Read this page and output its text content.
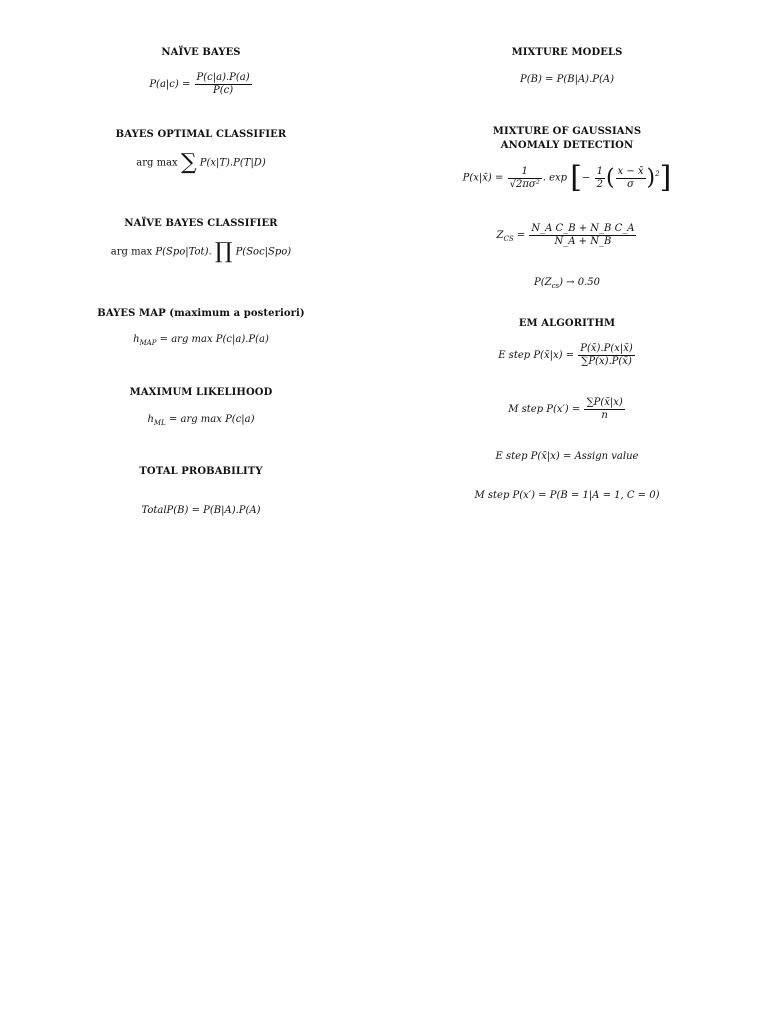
NAÏVE BAYES
$P(a|c) = \frac{P(c|a).P(a)}{P(c)}$
BAYES OPTIMAL CLASSIFIER
arg max ∑ P(x|T).P(T|D)
NAÏVE BAYES CLASSIFIER
arg max P(Spo|Tot). ∏ P(Soc|Spo)
BAYES MAP (maximum a posteriori)
$h_{MAP}$ = arg max P(c|a).P(a)
MAXIMUM LIKELIHOOD
$h_{ML}$ = arg max P(c|a)
TOTAL PROBABILITY
TotalP(B) = P(B|A).P(A)
MIXTURE MODELS
P(B) = P(B|A).P(A)
MIXTURE OF GAUSSIANS
ANOMALY DETECTION
P(x|x̄) = $\frac{1}{\text{√2πσ²}}$ . exp [− $\frac{1}{2}$ ( $\frac{x - x̄}{\sigma} )^2$]
$Z_{CS} = \frac{\text{N\_A C\_B + N\_B C\_A}}{N\_A + N\_B}$
$P(Z_{cs}) \to 0.50$
EM ALGORITHM
E step P(x̄|x) = $\frac{P(x̄).P(x|x̄)}{\sum P(x).P(x̄)}$
M step $P(x') = \frac{\sum P(x̄|x)}{n}$
E step P(x̄|x) = Assign value
M step P(x′) = P(B = 1|A = 1, C = 0)
